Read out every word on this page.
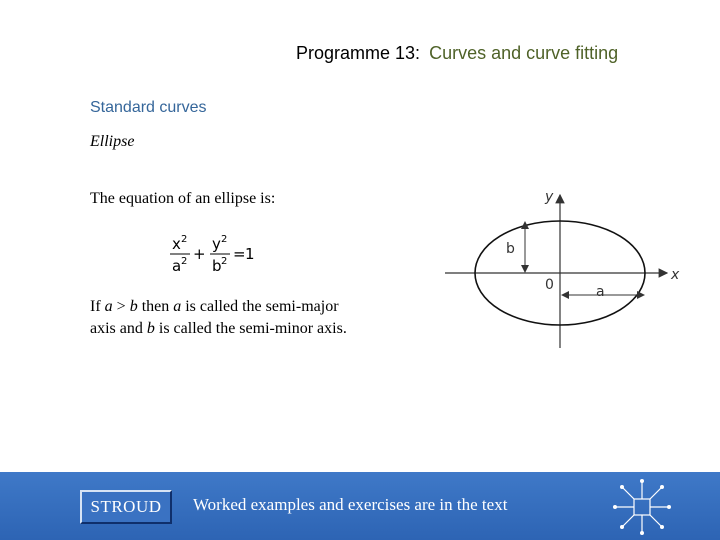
Programme 13: Curves and curve fitting
Standard curves
Ellipse
The equation of an ellipse is:
x 2
a 2 +
y 2
b 2 = 1
If a > b then a is called the semi-major
axis and b is called the semi-minor axis.
x
y
0	a
b
STROUD	Worked examples and exercises are in the text
